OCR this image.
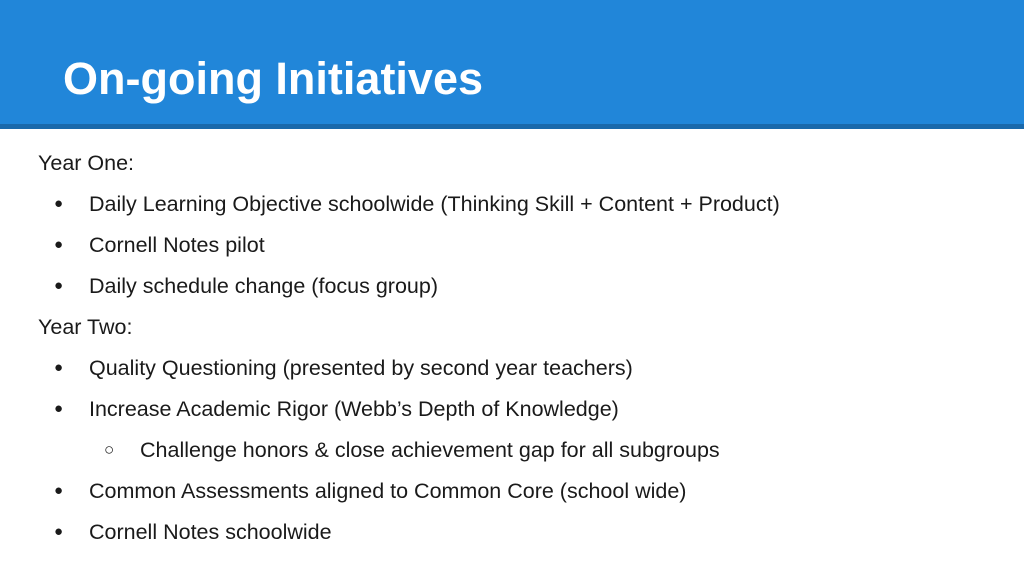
On-going Initiatives
Year One:
● Daily Learning Objective schoolwide (Thinking Skill + Content + Product)
● Cornell Notes pilot
● Daily schedule change (focus group)
Year Two:
● Quality Questioning (presented by second year teachers)
● Increase Academic Rigor (Webb’s Depth of Knowledge)
○ Challenge honors & close achievement gap for all subgroups
● Common Assessments aligned to Common Core (school wide)
● Cornell Notes schoolwide
